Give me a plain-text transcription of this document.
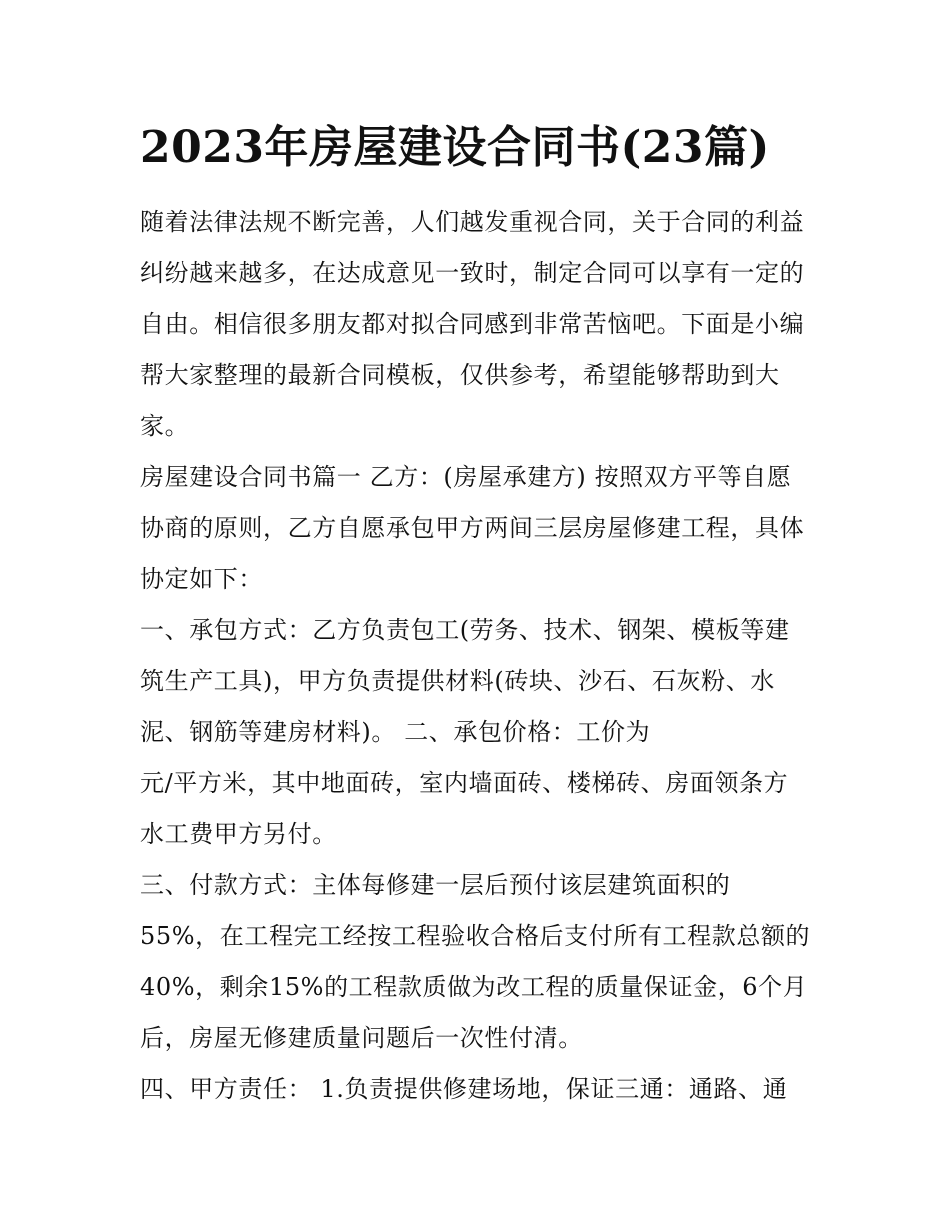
2023年房屋建设合同书(23篇)

随着法律法规不断完善，人们越发重视合同，关于合同的利益

纠纷越来越多，在达成意见一致时，制定合同可以享有一定的

自由。相信很多朋友都对拟合同感到非常苦恼吧。下面是小编

帮大家整理的最新合同模板，仅供参考，希望能够帮助到大

家。

房屋建设合同书篇一 乙方：(房屋承建方) 按照双方平等自愿

协商的原则，乙方自愿承包甲方两间三层房屋修建工程，具体

协定如下：

一、承包方式：乙方负责包工(劳务、技术、钢架、模板等建

筑生产工具)，甲方负责提供材料(砖块、沙石、石灰粉、水

泥、钢筋等建房材料)。 二、承包价格：工价为

元/平方米，其中地面砖，室内墙面砖、楼梯砖、房面领条方

水工费甲方另付。

三、付款方式：主体每修建一层后预付该层建筑面积的

55%，在工程完工经按工程验收合格后支付所有工程款总额的

40%，剩余15%的工程款质做为改工程的质量保证金，6个月

后，房屋无修建质量问题后一次性付清。

四、甲方责任： 1.负责提供修建场地，保证三通：通路、通
